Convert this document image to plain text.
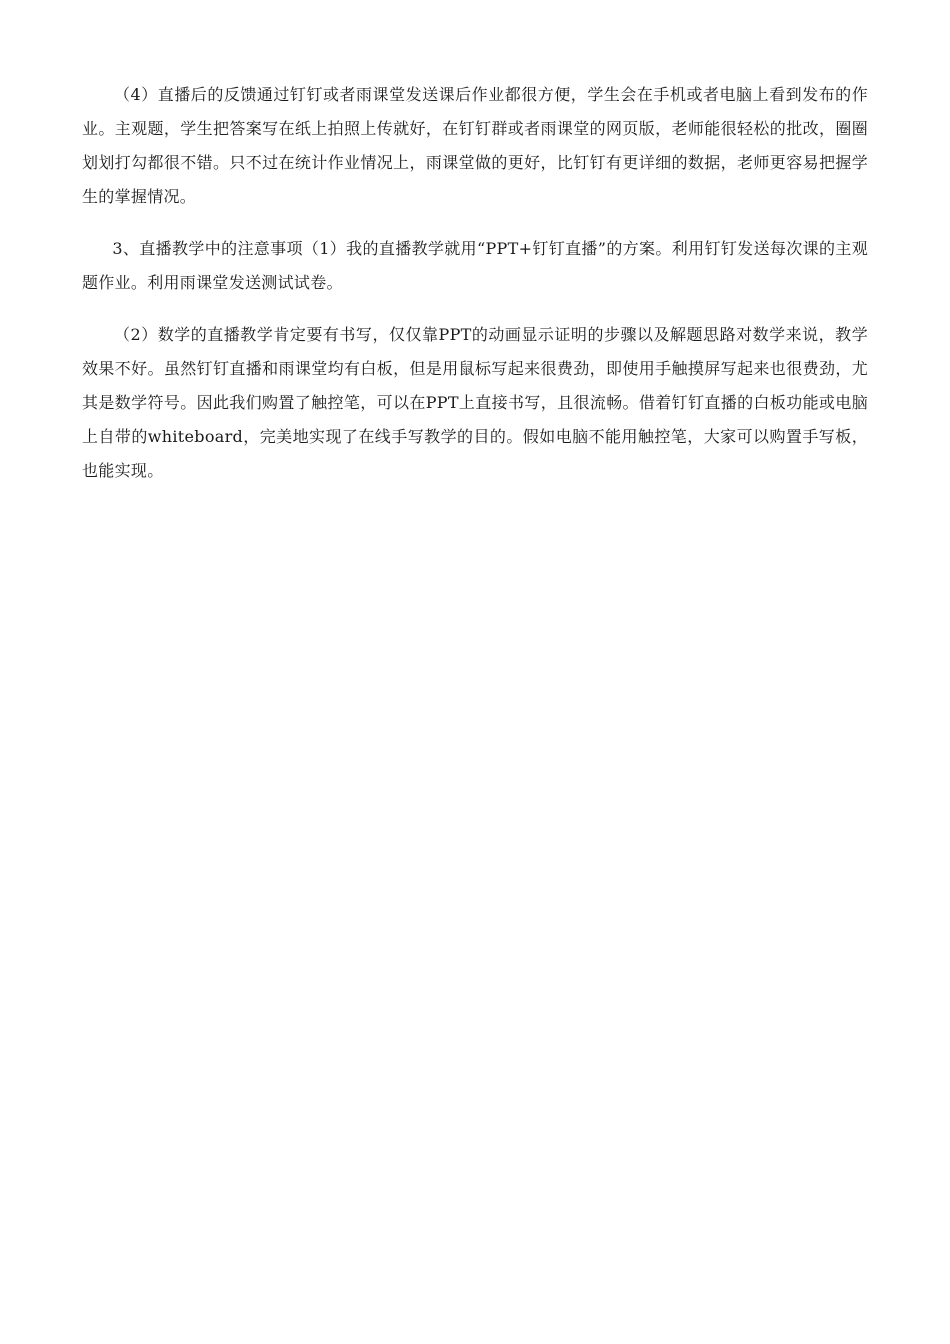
（4）直播后的反馈通过钉钉或者雨课堂发送课后作业都很方便，学生会在手机或者电脑上看到发布的作业。主观题，学生把答案写在纸上拍照上传就好，在钉钉群或者雨课堂的网页版，老师能很轻松的批改，圈圈划划打勾都很不错。只不过在统计作业情况上，雨课堂做的更好，比钉钉有更详细的数据，老师更容易把握学生的掌握情况。

3、直播教学中的注意事项（1）我的直播教学就用“PPT+钉钉直播”的方案。利用钉钉发送每次课的主观题作业。利用雨课堂发送测试试卷。

（2）数学的直播教学肯定要有书写，仅仅靠PPT的动画显示证明的步骤以及解题思路对数学来说，教学效果不好。虽然钉钉直播和雨课堂均有白板，但是用鼠标写起来很费劲，即使用手触摸屏写起来也很费劲，尤其是数学符号。因此我们购置了触控笔，可以在PPT上直接书写，且很流畅。借着钉钉直播的白板功能或电脑上自带的whiteboard，完美地实现了在线手写教学的目的。假如电脑不能用触控笔，大家可以购置手写板，也能实现。
